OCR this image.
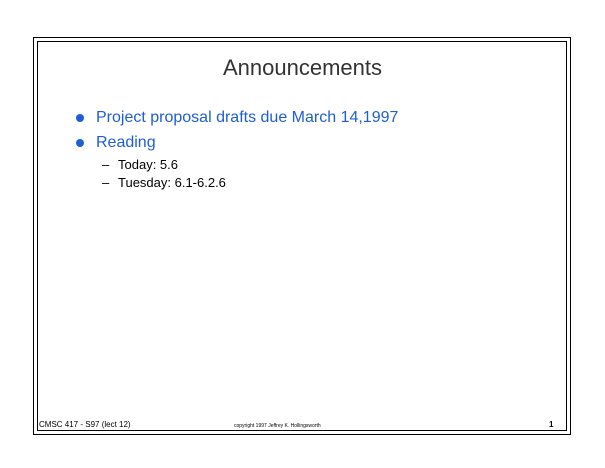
Announcements
Project proposal drafts due March 14,1997
Reading
– Today: 5.6
– Tuesday: 6.1-6.2.6
CMSC 417 - S97 (lect 12)	copyright 1997 Jeffrey K. Hollingsworth	1
